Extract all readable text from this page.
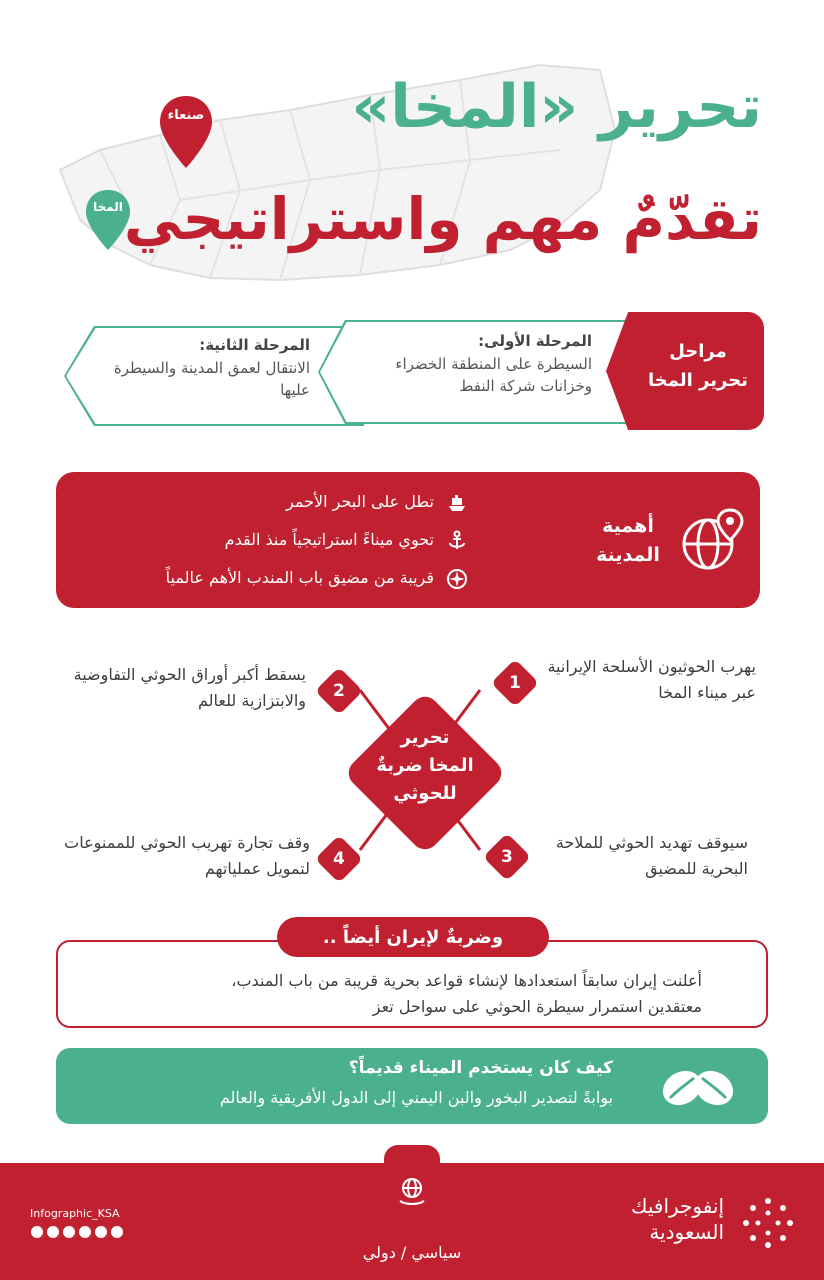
صنعاء
المخا
تحرير «المخا»
تقدّمٌ مهم واستراتيجي
المرحلة الثانية:
الانتقال لعمق المدينة والسيطرة عليها
المرحلة الأولى:
السيطرة على المنطقة الخضراء وخزانات شركة النفط
مراحل تحرير المخا
أهمية المدينة
تطل على البحر الأحمر
تحوي ميناءً استراتيجياً منذ القدم
قريبة من مضيق باب المندب الأهم عالمياً
تحرير المخا ضربةٌ للحوثي
1
2
3
4
يهرب الحوثيون الأسلحة الإيرانية عبر ميناء المخا
يسقط أكبر أوراق الحوثي التفاوضية والابتزازية للعالم
سيوقف تهديد الحوثي للملاحة البحرية للمضيق
وقف تجارة تهريب الحوثي للممنوعات لتمويل عملياتهم
أعلنت إيران سابقاً استعدادها لإنشاء قواعد بحرية قريبة من باب المندب،
معتقدين استمرار سيطرة الحوثي على سواحل تعز
وضربةٌ لإيران أيضاً ..
كيف كان يستخدم الميناء قديماً؟
بوابةً لتصدير البخور والبن اليمني إلى الدول الأفريقية والعالم
Infographic_KSA	إنفوجرافيك
السعودية
سياسي / دولي
